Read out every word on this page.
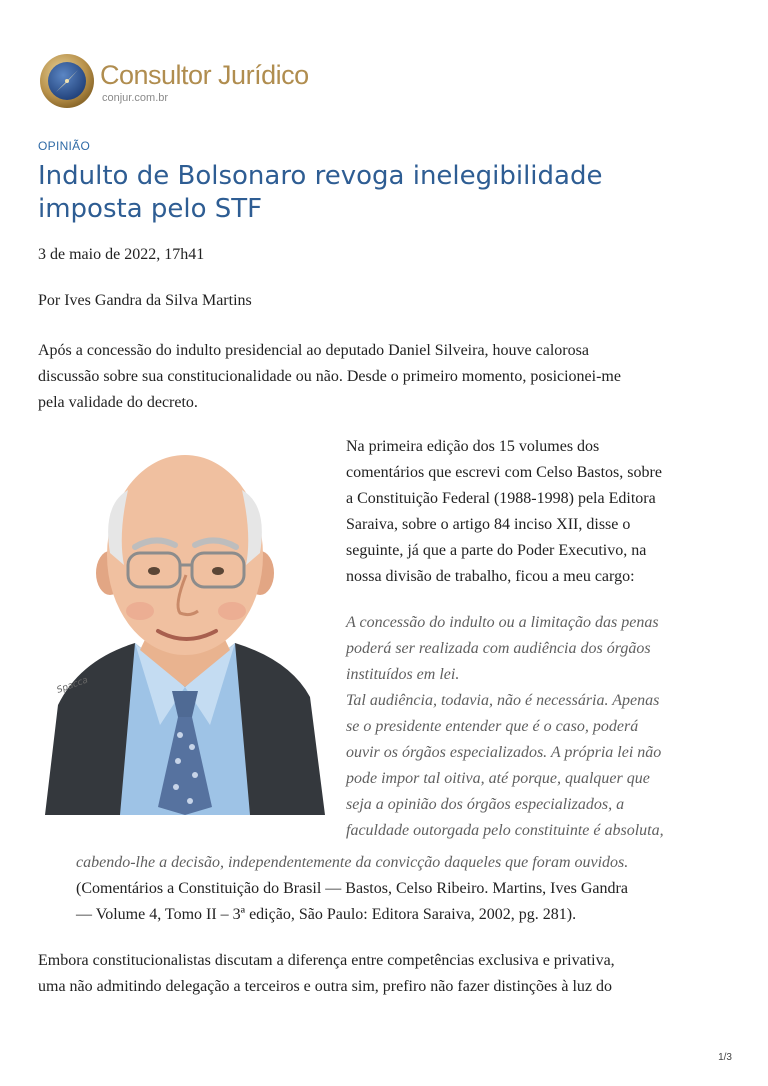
Consultor Jurídico
conjur.com.br
OPINIÃO
Indulto de Bolsonaro revoga inelegibilidade
imposta pelo STF
3 de maio de 2022, 17h41
Por Ives Gandra da Silva Martins
Após a concessão do indulto presidencial ao deputado Daniel Silveira, houve calorosa
discussão sobre sua constitucionalidade ou não. Desde o primeiro momento, posicionei-me
pela validade do decreto.
Spacca
Na primeira edição dos 15 volumes dos
comentários que escrevi com Celso Bastos, sobre
a Constituição Federal (1988-1998) pela Editora
Saraiva, sobre o artigo 84 inciso XII, disse o
seguinte, já que a parte do Poder Executivo, na
nossa divisão de trabalho, ficou a meu cargo:
A concessão do indulto ou a limitação das penas
poderá ser realizada com audiência dos órgãos
instituídos em lei.
Tal audiência, todavia, não é necessária. Apenas
se o presidente entender que é o caso, poderá
ouvir os órgãos especializados. A própria lei não
pode impor tal oitiva, até porque, qualquer que
seja a opinião dos órgãos especializados, a
faculdade outorgada pelo constituinte é absoluta,
cabendo-lhe a decisão, independentemente da convicção daqueles que foram ouvidos.
(Comentários a Constituição do Brasil — Bastos, Celso Ribeiro. Martins, Ives Gandra
— Volume 4, Tomo II – 3ª edição, São Paulo: Editora Saraiva, 2002, pg. 281).
Embora constitucionalistas discutam a diferença entre competências exclusiva e privativa,
uma não admitindo delegação a terceiros e outra sim, prefiro não fazer distinções à luz do
1/3
